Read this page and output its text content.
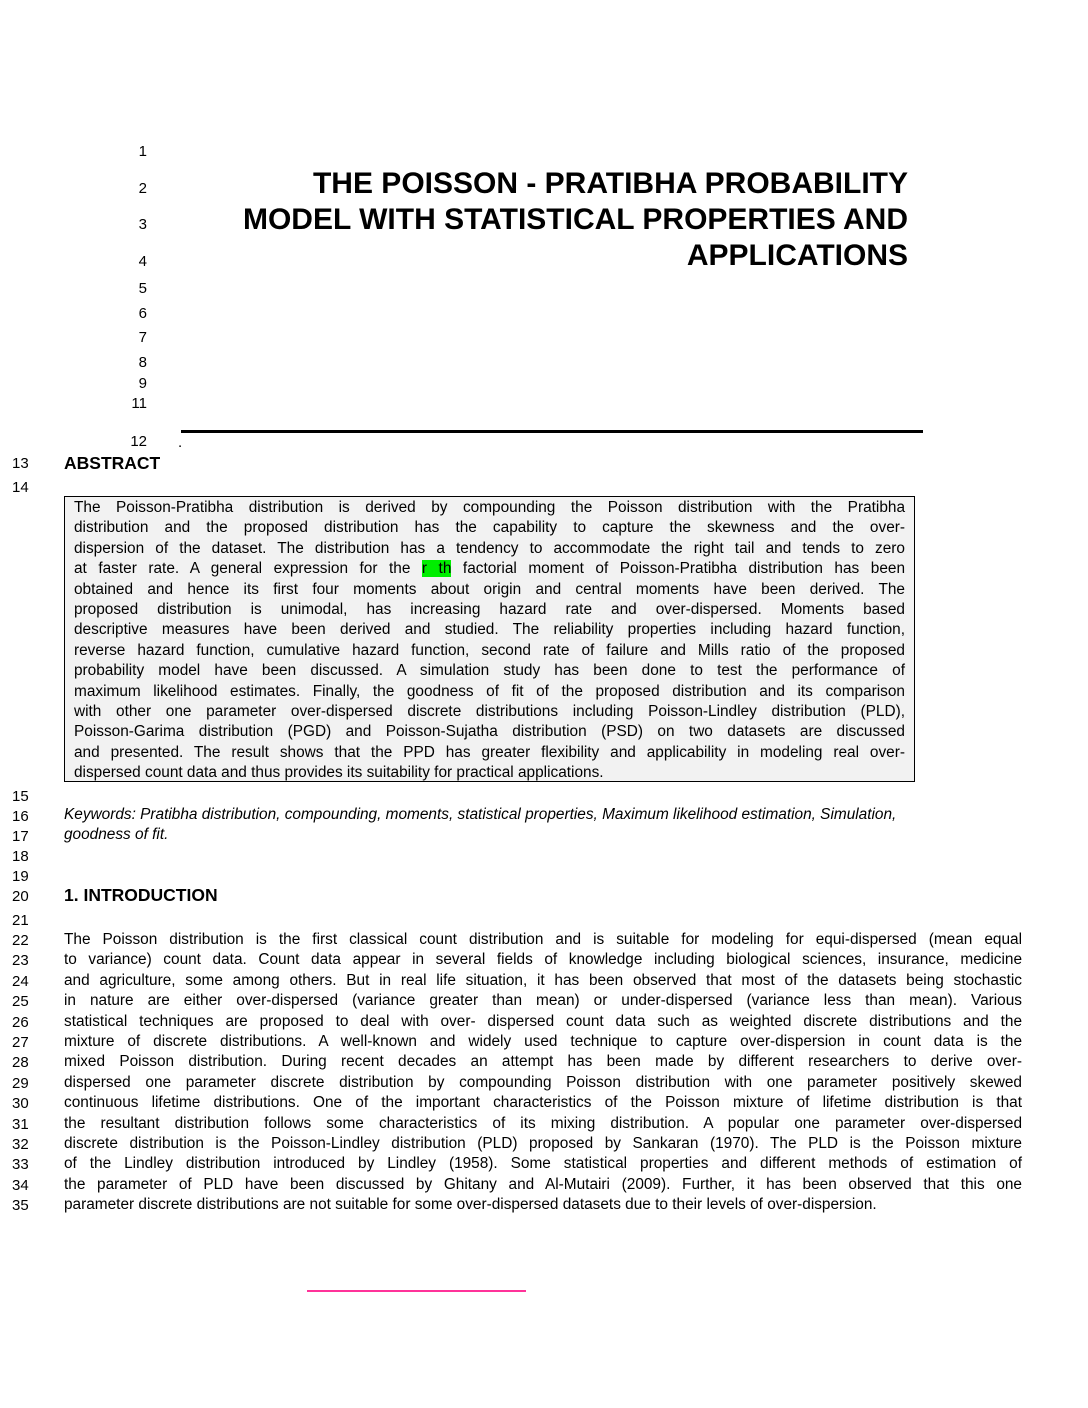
1
2
3
4
5
6
7
8
9
11
12
THE POISSON - PRATIBHA PROBABILITY
MODEL WITH STATISTICAL PROPERTIES AND
APPLICATIONS
.
ABSTRACT
The Poisson-Pratibha distribution is derived by compounding the Poisson distribution with the Pratibha
distribution and the proposed distribution has the capability to capture the skewness and the over-
dispersion of the dataset. The distribution has a tendency to accommodate the right tail and tends to zero
at faster rate. A general expression for the r th factorial moment of Poisson-Pratibha distribution has been
obtained and hence its first four moments about origin and central moments have been derived. The
proposed distribution is unimodal, has increasing hazard rate and over-dispersed. Moments based
descriptive measures have been derived and studied. The reliability properties including hazard function,
reverse hazard function, cumulative hazard function, second rate of failure and Mills ratio of the proposed
probability model have been discussed. A simulation study has been done to test the performance of
maximum likelihood estimates. Finally, the goodness of fit of the proposed distribution and its comparison
with other one parameter over-dispersed discrete distributions including Poisson-Lindley distribution (PLD),
Poisson-Garima distribution (PGD) and Poisson-Sujatha distribution (PSD) on two datasets are discussed
and presented. The result shows that the PPD has greater flexibility and applicability in modeling real over-
dispersed count data and thus provides its suitability for practical applications.
Keywords: Pratibha distribution, compounding, moments, statistical properties, Maximum likelihood estimation, Simulation,
goodness of fit.
1. INTRODUCTION
The Poisson distribution is the first classical count distribution and is suitable for modeling for equi-dispersed (mean equal
to variance) count data. Count data appear in several fields of knowledge including biological sciences, insurance, medicine
and agriculture, some among others. But in real life situation, it has been observed that most of the datasets being stochastic
in nature are either over-dispersed (variance greater than mean) or under-dispersed (variance less than mean). Various
statistical techniques are proposed to deal with over- dispersed count data such as weighted discrete distributions and the
mixture of discrete distributions. A well-known and widely used technique to capture over-dispersion in count data is the
mixed Poisson distribution. During recent decades an attempt has been made by different researchers to derive over-
dispersed one parameter discrete distribution by compounding Poisson distribution with one parameter positively skewed
continuous lifetime distributions. One of the important characteristics of the Poisson mixture of lifetime distribution is that
the resultant distribution follows some characteristics of its mixing distribution. A popular one parameter over-dispersed
discrete distribution is the Poisson-Lindley distribution (PLD) proposed by Sankaran (1970). The PLD is the Poisson mixture
of the Lindley distribution introduced by Lindley (1958). Some statistical properties and different methods of estimation of
the parameter of PLD have been discussed by Ghitany and Al-Mutairi (2009). Further, it has been observed that this one
parameter discrete distributions are not suitable for some over-dispersed datasets due to their levels of over-dispersion.
13
14
15
16
17
18
19
20
21
22
23
24
25
26
27
28
29
30
31
32
33
34
35
